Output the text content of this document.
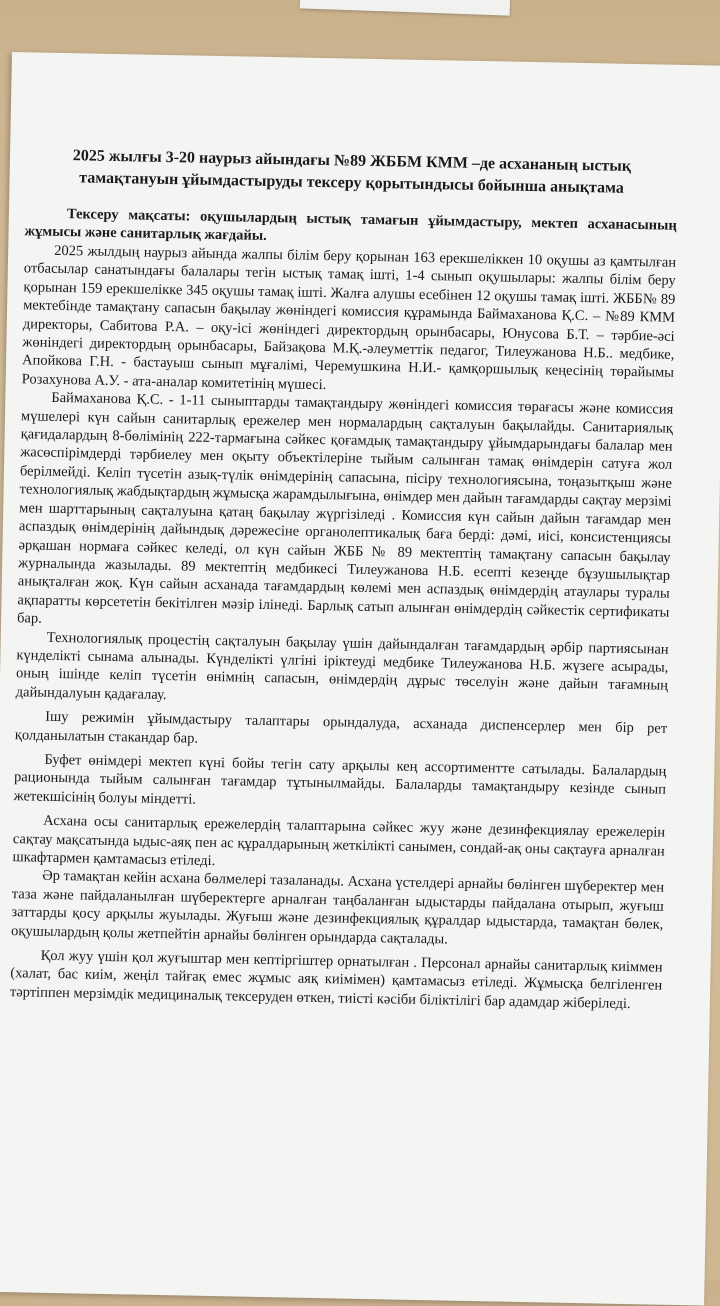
2025 жылғы 3-20 наурыз айындағы №89 ЖББМ КММ –де асхананың ыстық тамақтануын ұйымдастыруды тексеру қорытындысы бойынша анықтама

Тексеру мақсаты: оқушылардың ыстық тамағын ұйымдастыру, мектеп асханасының жұмысы және санитарлық жағдайы.

2025 жылдың наурыз айында жалпы білім беру қорынан 163 ерекшеліккен 10 оқушы аз қамтылған отбасылар санатындағы балалары тегін ыстық тамақ ішті, 1-4 сынып оқушылары: жалпы білім беру қорынан 159 ерекшелікке 345 оқушы тамақ ішті. Жалға алушы есебінен 12 оқушы тамақ ішті. ЖББ№ 89 мектебінде тамақтану сапасын бақылау жөніндегі комиссия құрамында Баймаханова Қ.С. – №89 КММ директоры, Сабитова Р.А. – оқу-ісі жөніндегі директордың орынбасары, Юнусова Б.Т. – тәрбие-әсі жөніндегі директордың орынбасары, Байзақова М.Қ.-әлеуметтік педагог, Тилеужанова Н.Б.. медбике, Апойкова Г.Н. - бастауыш сынып мұғалімі, Черемушкина Н.И.- қамқоршылық кеңесінің төрайымы Розахунова А.У. - ата-аналар комитетінің мүшесі.

Баймаханова Қ.С. - 1-11 сыныптарды тамақтандыру жөніндегі комиссия төрағасы және комиссия мүшелері күн сайын санитарлық ережелер мен нормалардың сақталуын бақылайды. Санитариялық қағидалардың 8-бөлімінің 222-тармағына сәйкес қоғамдық тамақтандыру ұйымдарындағы балалар мен жасөспірімдерді тәрбиелеу мен оқыту объектілеріне тыйым салынған тамақ өнімдерін сатуға жол берілмейді. Келіп түсетін азық-түлік өнімдерінің сапасына, пісіру технологиясына, тоңазытқыш және технологиялық жабдықтардың жұмысқа жарамдылығына, өнімдер мен дайын тағамдарды сақтау мерзімі мен шарттарының сақталуына қатаң бақылау жүргізіледі . Комиссия күн сайын дайын тағамдар мен аспаздық өнімдерінің дайындық дәрежесіне органолептикалық баға берді: дәмі, иісі, консистенциясы әрқашан нормаға сәйкес келеді, ол күн сайын ЖББ № 89 мектептің тамақтану сапасын бақылау журналында жазылады. 89 мектептің медбикесі Тилеужанова Н.Б. есепті кезеңде бұзушылықтар анықталған жоқ. Күн сайын асханада тағамдардың көлемі мен аспаздық өнімдердің атаулары туралы ақпаратты көрсететін бекітілген мәзір ілінеді. Барлық сатып алынған өнімдердің сәйкестік сертификаты бар.

Технологиялық процестің сақталуын бақылау үшін дайындалған тағамдардың әрбір партиясынан күнделікті сынама алынады. Күнделікті үлгіні іріктеуді медбике Тилеужанова Н.Б. жүзеге асырады, оның ішінде келіп түсетін өнімнің сапасын, өнімдердің дұрыс төселуін және дайын тағамның дайындалуын қадағалау.

Ішу режимін ұйымдастыру талаптары орындалуда, асханада диспенсерлер мен бір рет қолданылатын стакандар бар.

Буфет өнімдері мектеп күні бойы тегін сату арқылы кең ассортиментте сатылады. Балалардың рационында тыйым салынған тағамдар тұтынылмайды. Балаларды тамақтандыру кезінде сынып жетекшісінің болуы міндетті.

Асхана осы санитарлық ережелердің талаптарына сәйкес жуу және дезинфекциялау ережелерін сақтау мақсатында ыдыс-аяқ пен ас құралдарының жеткілікті санымен, сондай-ақ оны сақтауға арналған шкафтармен қамтамасыз етіледі.

Әр тамақтан кейін асхана бөлмелері тазаланады. Асхана үстелдері арнайы бөлінген шүберектер мен таза және пайдаланылған шүберектерге арналған таңбаланған ыдыстарды пайдалана отырып, жуғыш заттарды қосу арқылы жуылады. Жуғыш және дезинфекциялық құралдар ыдыстарда, тамақтан бөлек, оқушылардың қолы жетпейтін арнайы бөлінген орындарда сақталады.

Қол жуу үшін қол жуғыштар мен кептіргіштер орнатылған . Персонал арнайы санитарлық киіммен (халат, бас киім, жеңіл тайғақ емес жұмыс аяқ киімімен) қамтамасыз етіледі. Жұмысқа белгіленген тәртіппен мерзімдік медициналық тексеруден өткен, тиісті кәсіби біліктілігі бар адамдар жіберіледі.
